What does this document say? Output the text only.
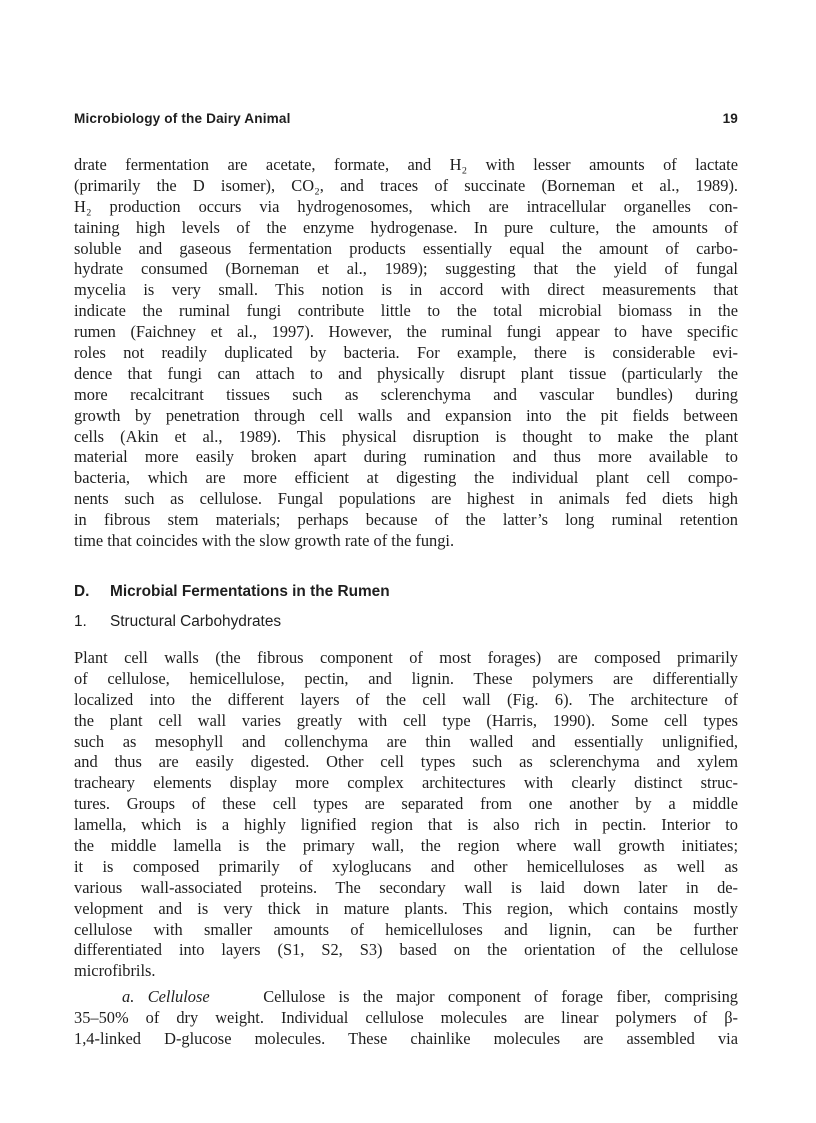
Microbiology of the Dairy Animal	19
drate fermentation are acetate, formate, and H₂ with lesser amounts of lactate
(primarily the D isomer), CO₂, and traces of succinate (Borneman et al., 1989).
H₂ production occurs via hydrogenosomes, which are intracellular organelles con-
taining high levels of the enzyme hydrogenase. In pure culture, the amounts of
soluble and gaseous fermentation products essentially equal the amount of carbo-
hydrate consumed (Borneman et al., 1989); suggesting that the yield of fungal
mycelia is very small. This notion is in accord with direct measurements that
indicate the ruminal fungi contribute little to the total microbial biomass in the
rumen (Faichney et al., 1997). However, the ruminal fungi appear to have specific
roles not readily duplicated by bacteria. For example, there is considerable evi-
dence that fungi can attach to and physically disrupt plant tissue (particularly the
more recalcitrant tissues such as sclerenchyma and vascular bundles) during
growth by penetration through cell walls and expansion into the pit fields between
cells (Akin et al., 1989). This physical disruption is thought to make the plant
material more easily broken apart during rumination and thus more available to
bacteria, which are more efficient at digesting the individual plant cell compo-
nents such as cellulose. Fungal populations are highest in animals fed diets high
in fibrous stem materials; perhaps because of the latter’s long ruminal retention
time that coincides with the slow growth rate of the fungi.
D. Microbial Fermentations in the Rumen
1. Structural Carbohydrates
Plant cell walls (the fibrous component of most forages) are composed primarily
of cellulose, hemicellulose, pectin, and lignin. These polymers are differentially
localized into the different layers of the cell wall (Fig. 6). The architecture of
the plant cell wall varies greatly with cell type (Harris, 1990). Some cell types
such as mesophyll and collenchyma are thin walled and essentially unlignified,
and thus are easily digested. Other cell types such as sclerenchyma and xylem
tracheary elements display more complex architectures with clearly distinct struc-
tures. Groups of these cell types are separated from one another by a middle
lamella, which is a highly lignified region that is also rich in pectin. Interior to
the middle lamella is the primary wall, the region where wall growth initiates;
it is composed primarily of xyloglucans and other hemicelluloses as well as
various wall-associated proteins. The secondary wall is laid down later in de-
velopment and is very thick in mature plants. This region, which contains mostly
cellulose with smaller amounts of hemicelluloses and lignin, can be further
differentiated into layers (S1, S2, S3) based on the orientation of the cellulose
microfibrils.
a. Cellulose	Cellulose is the major component of forage fiber, comprising
35–50% of dry weight. Individual cellulose molecules are linear polymers of β-
1,4-linked D-glucose molecules. These chainlike molecules are assembled via
